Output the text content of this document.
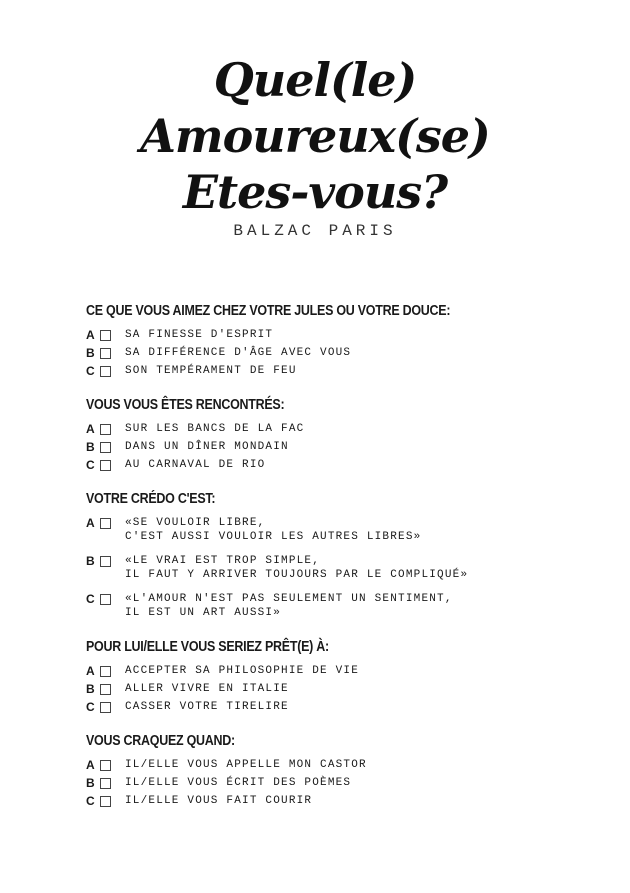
Quel(le)
Amoureux(se)
Etes-vous?
BALZAC PARIS
CE QUE VOUS AIMEZ CHEZ VOTRE JULES OU VOTRE DOUCE:
A	SA FINESSE D'ESPRIT
B	SA DIFFÉRENCE D'ÂGE AVEC VOUS
C	SON TEMPÉRAMENT DE FEU
VOUS VOUS ÊTES RENCONTRÉS:
A	SUR LES BANCS DE LA FAC
B	DANS UN DÎNER MONDAIN
C	AU CARNAVAL DE RIO
VOTRE CRÉDO C'EST:
A	«SE VOULOIR LIBRE,
C'EST AUSSI VOULOIR LES AUTRES LIBRES»
B	«LE VRAI EST TROP SIMPLE,
IL FAUT Y ARRIVER TOUJOURS PAR LE COMPLIQUÉ»
C	«L'AMOUR N'EST PAS SEULEMENT UN SENTIMENT,
IL EST UN ART AUSSI»
POUR LUI/ELLE VOUS SERIEZ PRÊT(E) À:
A	ACCEPTER SA PHILOSOPHIE DE VIE
B	ALLER VIVRE EN ITALIE
C	CASSER VOTRE TIRELIRE
VOUS CRAQUEZ QUAND:
A	IL/ELLE VOUS APPELLE MON CASTOR
B	IL/ELLE VOUS ÉCRIT DES POÈMES
C	IL/ELLE VOUS FAIT COURIR
